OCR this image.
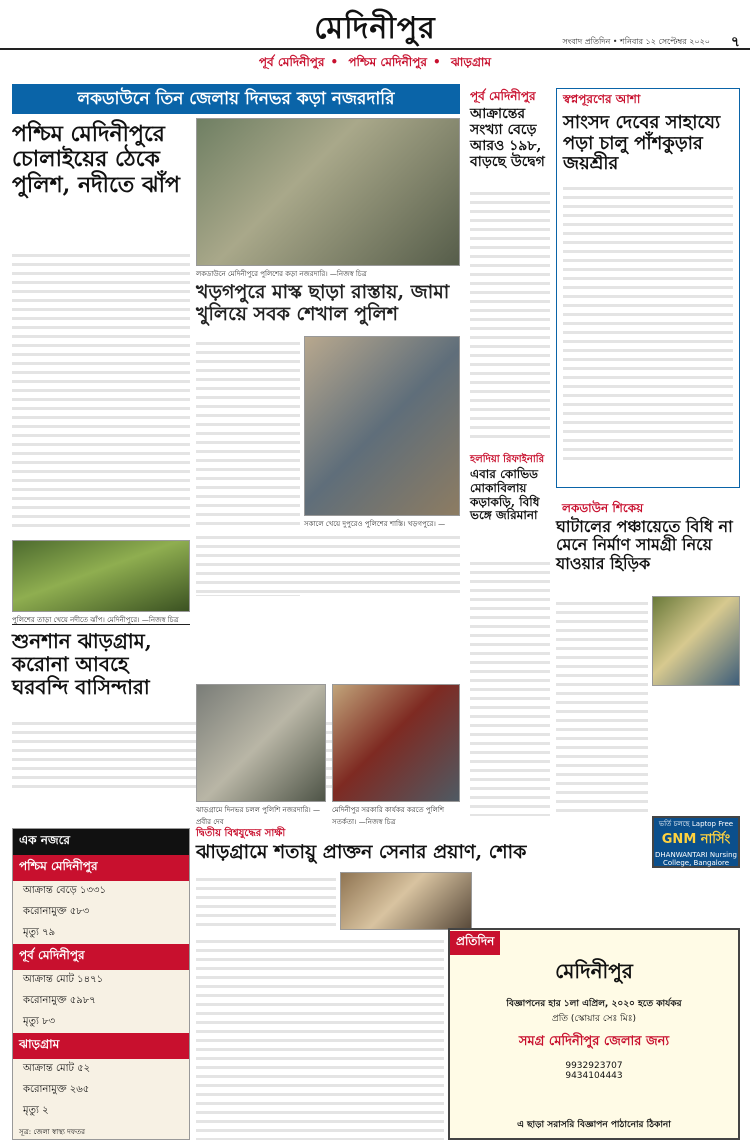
মেদিনীপুর	সংবাদ প্রতিদিন • শনিবার ১২ সেপ্টেম্বর ২০২০ ৭
পূর্ব মেদিনীপুর • পশ্চিম মেদিনীপুর • ঝাড়গ্রাম
লকডাউনে তিন জেলায় দিনভর কড়া নজরদারি
পশ্চিম মেদিনীপুরে চোলাইয়ের ঠেকে পুলিশ, নদীতে ঝাঁপ
পুলিশের তাড়া খেয়ে নদীতে ঝাঁপ। মেদিনীপুরে। —নিজস্ব চিত্র
লকডাউনে মেদিনীপুরে পুলিশের কড়া নজরদারি। —নিজস্ব চিত্র
খড়গপুরে মাস্ক ছাড়া রাস্তায়, জামা খুলিয়ে সবক শেখাল পুলিশ
সকালে খেয়ে দুপুরেও পুলিশের শাস্তি। খড়গপুরে। —
শুনশান ঝাড়গ্রাম, করোনা আবহে ঘরবন্দি বাসিন্দারা
ঝাড়গ্রামে দিনভর চলল পুলিশি নজরদারি। —প্রবীর দেব
মেদিনীপুর সরকারি কার্যকর করতে পুলিশি সতর্কতা। —নিজস্ব চিত্র
পূর্ব মেদিনীপুর
আক্রান্তের সংখ্যা বেড়ে আরও ১৯৮, বাড়ছে উদ্বেগ
হলদিয়া রিফাইনারি
এবার কোভিড মোকাবিলায় কড়াকড়ি, বিধি ভঙ্গে জরিমানা
স্বপ্নপূরণের আশা
সাংসদ দেবের সাহায্যে পড়া চালু পাঁশকুড়ার জয়শ্রীর
লকডাউন শিকেয়
ঘাটালের পঞ্চায়েতে বিধি না মেনে নির্মাণ সামগ্রী নিয়ে যাওয়ার হিড়িক
ভর্তি চলছে Laptop Free
GNM নার্সিং
DHANWANTARI Nursing College, Bangalore
8167589579
এক নজরে
পশ্চিম মেদিনীপুর
আক্রান্ত বেড়ে ১৩৩১
করোনামুক্ত ৫৮৩
মৃত্যু ৭৯
পূর্ব মেদিনীপুর
আক্রান্ত মোট ১৪৭১
করোনামুক্ত ৫৯৮৭
মৃত্যু ৮৩
ঝাড়গ্রাম
আক্রান্ত মোট ৫২
করোনামুক্ত ২৬৫
মৃত্যু ২
সূত্র: জেলা স্বাস্থ্য দফতর
দ্বিতীয় বিশ্বযুদ্ধের সাক্ষী
ঝাড়গ্রামে শতায়ু প্রাক্তন সেনার প্রয়াণ, শোক
প্রতিদিন
মেদিনীপুর
বিজ্ঞাপনের হার ১লা এপ্রিল, ২০২০ হতে কার্যকর
প্রতি (স্কোয়ার সেঃ মিঃ)
সমগ্র মেদিনীপুর জেলার জন্য
9932923707
9434104443
এ ছাড়া সরাসরি বিজ্ঞাপন পাঠানোর ঠিকানা
